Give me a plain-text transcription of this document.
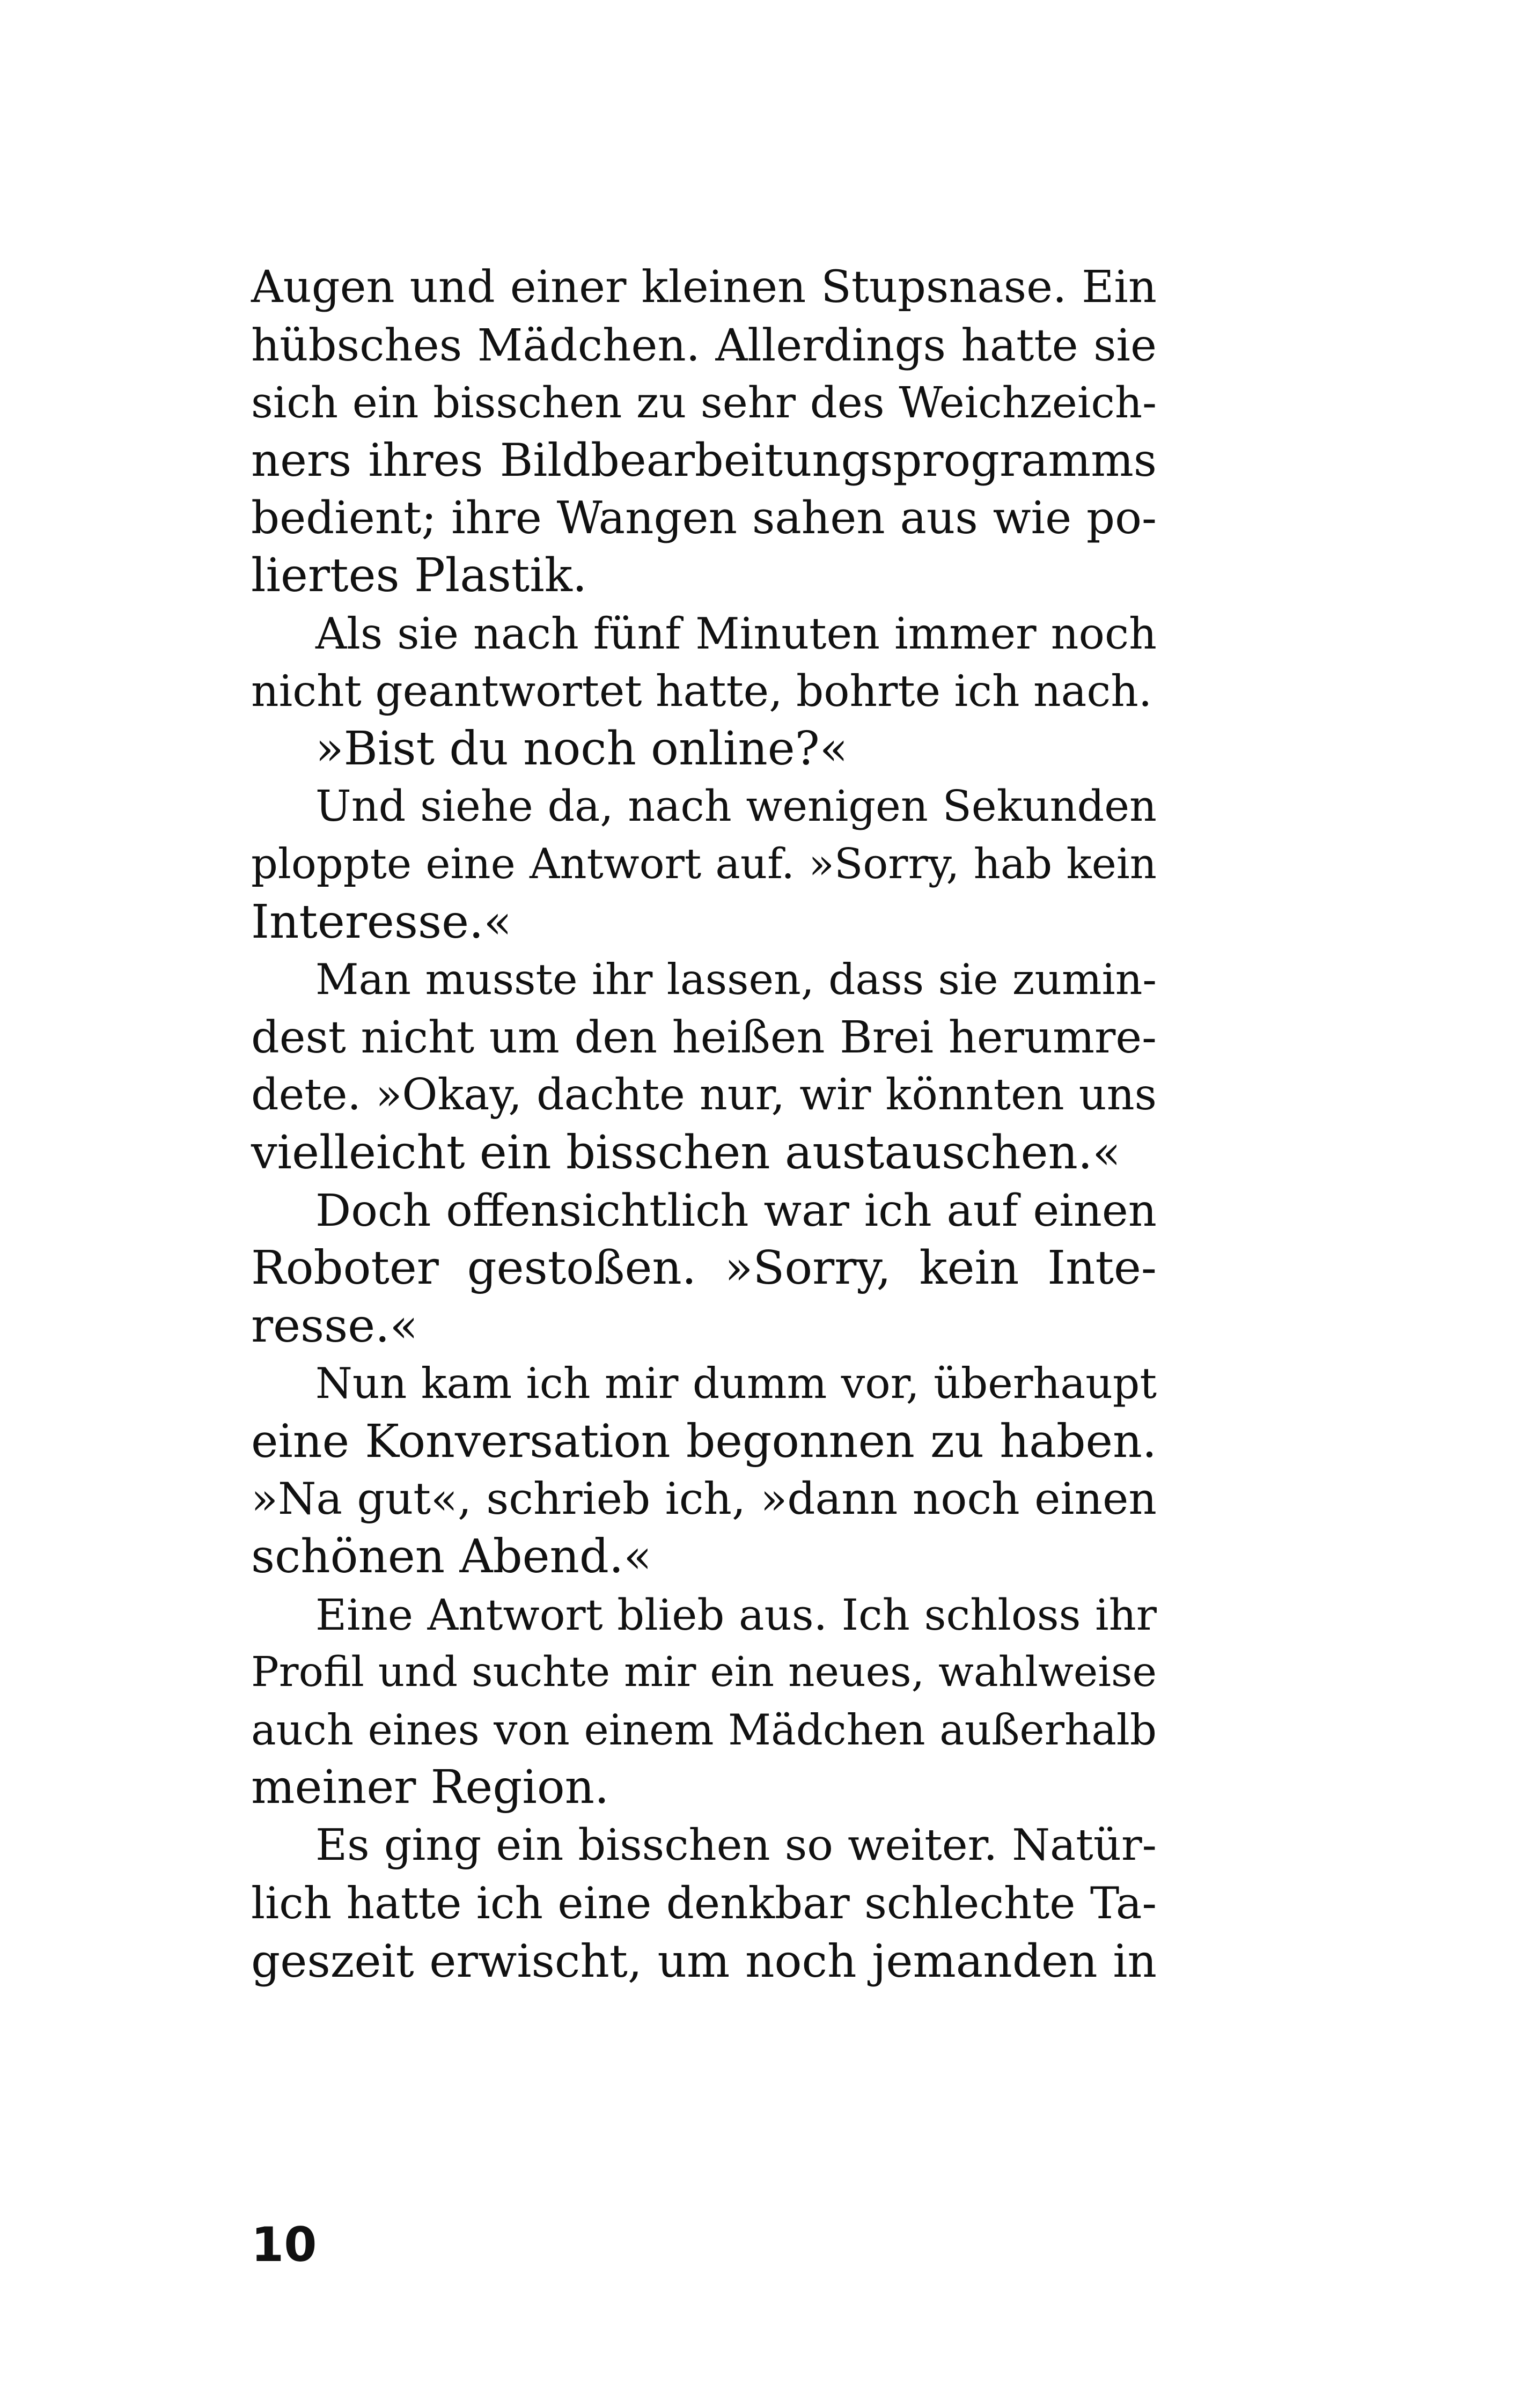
Augen und einer kleinen Stupsnase. Ein
hübsches Mädchen. Allerdings hatte sie
sich ein bisschen zu sehr des Weichzeich-
ners ihres Bildbearbeitungsprogramms
bedient; ihre Wangen sahen aus wie po-
liertes Plastik.
Als sie nach fünf Minuten immer noch
nicht geantwortet hatte, bohrte ich nach.
»Bist du noch online?«
Und siehe da, nach wenigen Sekunden
ploppte eine Antwort auf. »Sorry, hab kein
Interesse.«
Man musste ihr lassen, dass sie zumin-
dest nicht um den heißen Brei herumre-
dete. »Okay, dachte nur, wir könnten uns
vielleicht ein bisschen austauschen.«
Doch offensichtlich war ich auf einen
Roboter gestoßen. »Sorry, kein Inte-
resse.«
Nun kam ich mir dumm vor, überhaupt
eine Konversation begonnen zu haben.
»Na gut«, schrieb ich, »dann noch einen
schönen Abend.«
Eine Antwort blieb aus. Ich schloss ihr
Profil und suchte mir ein neues, wahlweise
auch eines von einem Mädchen außerhalb
meiner Region.
Es ging ein bisschen so weiter. Natür-
lich hatte ich eine denkbar schlechte Ta-
geszeit erwischt, um noch jemanden in
10
